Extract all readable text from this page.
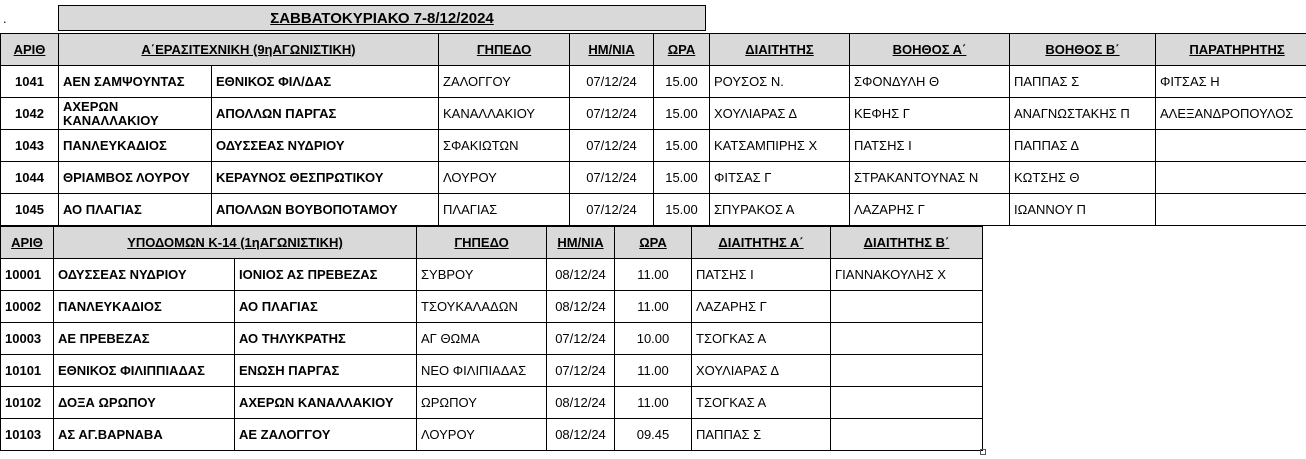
.	ΣΑΒΒΑΤΟΚΥΡΙΑΚΟ 7-8/12/2024
ΑΡΙΘ	Α΄ΕΡΑΣΙΤΕΧΝΙΚΗ (9ηΑΓΩΝΙΣΤΙΚΗ)		ΓΗΠΕΔΟ	ΗΜ/ΝΙΑ	ΩΡΑ	ΔΙΑΙΤΗΤΗΣ	ΒΟΗΘΟΣ Α΄	ΒΟΗΘΟΣ Β΄	ΠΑΡΑΤΗΡΗΤΗΣ
1041	ΑΕΝ ΣΑΜΨΟΥΝΤΑΣ	ΕΘΝΙΚΟΣ ΦΙΛ/ΔΑΣ	ΖΑΛΟΓΓΟΥ	07/12/24	15.00	ΡΟΥΣΟΣ Ν.	ΣΦΟΝΔΥΛΗ Θ	ΠΑΠΠΑΣ Σ	ΦΙΤΣΑΣ Η
1042	ΑΧΕΡΩΝ ΚΑΝΑΛΛΑΚΙΟΥ	ΑΠΟΛΛΩΝ ΠΑΡΓΑΣ	ΚΑΝΑΛΛΑΚΙΟΥ	07/12/24	15.00	ΧΟΥΛΙΑΡΑΣ Δ	ΚΕΦΗΣ Γ	ΑΝΑΓΝΩΣΤΑΚΗΣ Π	ΑΛΕΞΑΝΔΡΟΠΟΥΛΟΣ
1043	ΠΑΝΛΕΥΚΑΔΙΟΣ	ΟΔΥΣΣΕΑΣ ΝΥΔΡΙΟΥ	ΣΦΑΚΙΩΤΩΝ	07/12/24	15.00	ΚΑΤΣΑΜΠΙΡΗΣ Χ	ΠΑΤΣΗΣ Ι	ΠΑΠΠΑΣ Δ	
1044	ΘΡΙΑΜΒΟΣ ΛΟΥΡΟΥ	ΚΕΡΑΥΝΟΣ ΘΕΣΠΡΩΤΙΚΟΥ	ΛΟΥΡΟΥ	07/12/24	15.00	ΦΙΤΣΑΣ Γ	ΣΤΡΑΚΑΝΤΟΥΝΑΣ Ν	ΚΩΤΣΗΣ Θ	
1045	ΑΟ ΠΛΑΓΙΑΣ	ΑΠΟΛΛΩΝ ΒΟΥΒΟΠΟΤΑΜΟΥ	ΠΛΑΓΙΑΣ	07/12/24	15.00	ΣΠΥΡΑΚΟΣ Α	ΛΑΖΑΡΗΣ Γ	ΙΩΑΝΝΟΥ Π	
ΑΡΙΘ	ΥΠΟΔΟΜΩΝ Κ-14 (1ηΑΓΩΝΙΣΤΙΚΗ)		ΓΗΠΕΔΟ	ΗΜ/ΝΙΑ	ΩΡΑ	ΔΙΑΙΤΗΤΗΣ Α΄	ΔΙΑΙΤΗΤΗΣ Β΄
10001	ΟΔΥΣΣΕΑΣ ΝΥΔΡΙΟΥ	ΙΟΝΙΟΣ ΑΣ ΠΡΕΒΕΖΑΣ	ΣΥΒΡΟΥ	08/12/24	11.00	ΠΑΤΣΗΣ Ι	ΓΙΑΝΝΑΚΟΥΛΗΣ Χ
10002	ΠΑΝΛΕΥΚΑΔΙΟΣ	ΑΟ ΠΛΑΓΙΑΣ	ΤΣΟΥΚΑΛΑΔΩΝ	08/12/24	11.00	ΛΑΖΑΡΗΣ Γ	
10003	ΑΕ ΠΡΕΒΕΖΑΣ	ΑΟ ΤΗΛΥΚΡΑΤΗΣ	ΑΓ ΘΩΜΑ	07/12/24	10.00	ΤΣΟΓΚΑΣ Α	
10101	ΕΘΝΙΚΟΣ ΦΙΛΙΠΠΙΑΔΑΣ	ΕΝΩΣΗ ΠΑΡΓΑΣ	ΝΕΟ ΦΙΛΙΠΙΑΔΑΣ	07/12/24	11.00	ΧΟΥΛΙΑΡΑΣ Δ	
10102	ΔΟΞΑ ΩΡΩΠΟΥ	ΑΧΕΡΩΝ ΚΑΝΑΛΛΑΚΙΟΥ	ΩΡΩΠΟΥ	08/12/24	11.00	ΤΣΟΓΚΑΣ Α	
10103	ΑΣ ΑΓ.ΒΑΡΝΑΒΑ	ΑΕ ΖΑΛΟΓΓΟΥ	ΛΟΥΡΟΥ	08/12/24	09.45	ΠΑΠΠΑΣ Σ	
